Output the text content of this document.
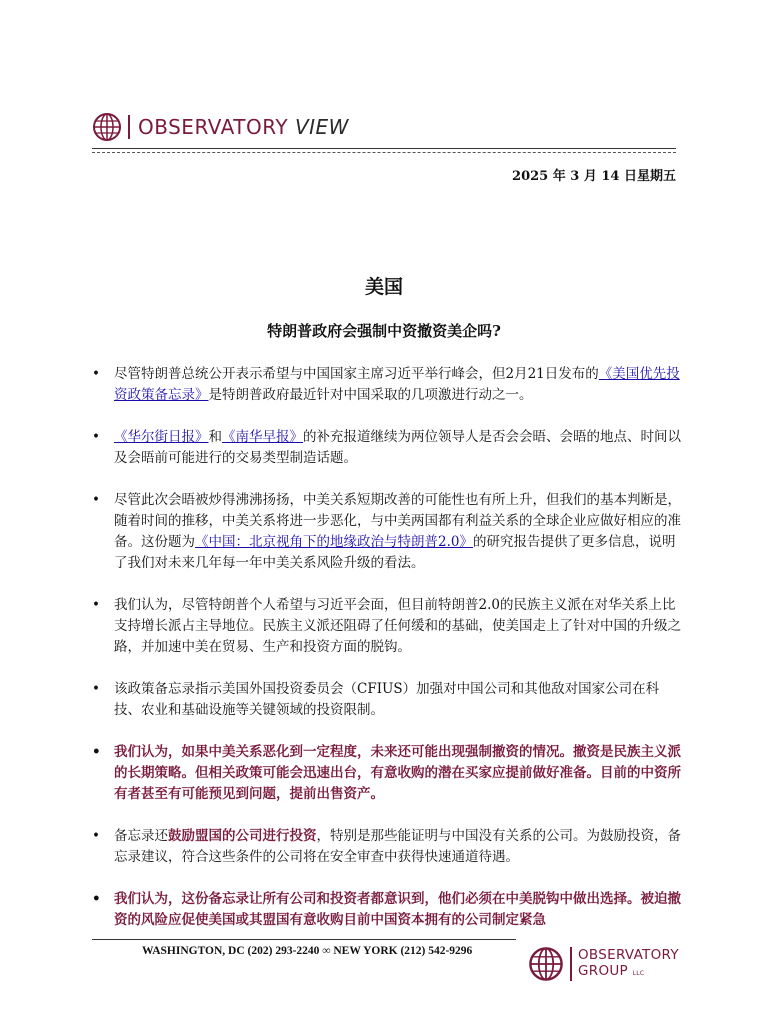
OBSERVATORY VIEW
2025 年 3 月 14 日星期五
美国
特朗普政府会强制中资撤资美企吗?
• 尽管特朗普总统公开表示希望与中国国家主席习近平举行峰会，但2月21日发布的《美国优先投资政策备忘录》是特朗普政府最近针对中国采取的几项激进行动之一。
• 《华尔街日报》和《南华早报》的补充报道继续为两位领导人是否会会晤、会晤的地点、时间以及会晤前可能进行的交易类型制造话题。
• 尽管此次会晤被炒得沸沸扬扬，中美关系短期改善的可能性也有所上升，但我们的基本判断是，随着时间的推移，中美关系将进一步恶化，与中美两国都有利益关系的全球企业应做好相应的准备。这份题为《中国：北京视角下的地缘政治与特朗普2.0》的研究报告提供了更多信息，说明了我们对未来几年每一年中美关系风险升级的看法。
• 我们认为，尽管特朗普个人希望与习近平会面，但目前特朗普2.0的民族主义派在对华关系上比支持增长派占主导地位。民族主义派还阻碍了任何缓和的基础，使美国走上了针对中国的升级之路，并加速中美在贸易、生产和投资方面的脱钩。
• 该政策备忘录指示美国外国投资委员会（CFIUS）加强对中国公司和其他敌对国家公司在科技、农业和基础设施等关键领域的投资限制。
• 我们认为，如果中美关系恶化到一定程度，未来还可能出现强制撤资的情况。撤资是民族主义派的长期策略。但相关政策可能会迅速出台，有意收购的潜在买家应提前做好准备。目前的中资所有者甚至有可能预见到问题，提前出售资产。
• 备忘录还鼓励盟国的公司进行投资，特别是那些能证明与中国没有关系的公司。为鼓励投资，备忘录建议，符合这些条件的公司将在安全审查中获得快速通道待遇。
• 我们认为，这份备忘录让所有公司和投资者都意识到，他们必须在中美脱钩中做出选择。被迫撤资的风险应促使美国或其盟国有意收购目前中国资本拥有的公司制定紧急
WASHINGTON, DC (202) 293-2240 ∞ NEW YORK (212) 542-9296	OBSERVATORY
GROUP LLC
